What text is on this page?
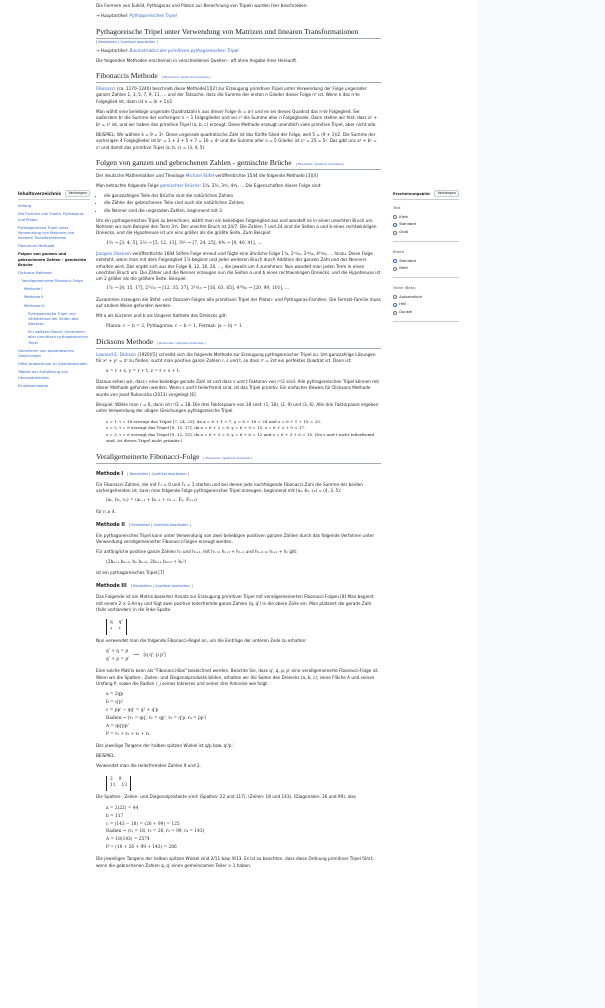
Inhaltsverzeichnis	Verbergen
Anfang
Die Formeln von Euklid, Pythagoras und Platon
Pythagoreische Tripel unter Verwendung von Matrizen und linearen Transformationen
Fibonaccis Methode
Folgen von ganzen und gebrochenen Zahlen - gemischte Brüche
Dicksons Methode
⌃Verallgemeinerte Fibonacci-Folge
Methode I
Methode II
Methode III
Pythagoreische Tripel und Verhältnisse der Seiten des Dreiecks
Ein weiterer Baum: Generieren aller primitiven pythagoreischen Tripel
Generieren von quadratischen Gleichungen
Höhe proportional zu Quadratwurzeln
Tabelle der Aufzählung von Heronsdreiecken
Einzelnachweise
Erscheinungsbild	Verbergen
Text
Klein
Standard
Groß
Breite
Standard
Breit
Farbe (Beta)
Automatisch
Hell
Dunkel

Die Formeln von Euklid, Pythagoras und Platon zur Berechnung von Tripeln wurden hier beschrieben:

→ Hauptartikel: Pythagoreisches Tripel

Pythagoreische Tripel unter Verwendung von Matrizen und linearen Transformationen
[ Bearbeiten | Quelltext bearbeiten ]

→ Hauptartikel: Baumstruktur der primitiven pythagoreischen Tripel

Die folgenden Methoden erscheinen in verschiedenen Quellen - oft ohne Angabe ihrer Herkunft.

Fibonaccis Methode [ Bearbeiten | Quelltext bearbeiten ]

Fibonacci (ca. 1170–1240) beschrieb diese Methode[1][2] zur Erzeugung primitiver Tripel unter Verwendung der Folge ungerader ganzer Zahlen 1, 3, 5, 7, 9, 11, … und der Tatsache, dass die Summe der ersten n Glieder dieser Folge n² ist. Wenn k das n-te Folgeglied ist, dann ist n = (k + 1)/2.

Man wählt eine beliebige ungerade Quadratzahl k aus dieser Folge (k = a²) und es sei dieses Quadrat das n-te Folgeglied. Sei außerdem b² die Summe der vorherigen n − 1 Folgeglieder und sei c² die Summe aller n Folgeglieder. Dann stellen wir fest, dass a² + b² = c² ist, und wir haben das primitive Tripel (a, b, c) erzeugt. Diese Methode erzeugt unendlich viele primitive Tripel, aber nicht alle.

BEISPIEL: Wir wählen k = 9 = 3². Diese ungerade quadratische Zahl ist das fünfte Glied der Folge, weil 5 = (9 + 1)/2. Die Summe der vorherigen 4 Folgeglieder ist b² = 1 + 3 + 5 + 7 = 16 = 4² und die Summe aller n = 5 Glieder ist c² = 25 = 5². Das gibt uns a² + b² = c² und damit das primitive Tripel (a, b, c) = (3, 4, 5).

Folgen von ganzen und gebrochenen Zahlen - gemischte Brüche [ Bearbeiten | Quelltext bearbeiten ]

Der deutsche Mathematiker und Theologe Michael Stifel veröffentlichte 1544 die folgende Methode.[3][4]

Man betrachte folgende Folge gemischter Brüche: 1⅓, 2⅖, 3³⁄₇, 4⁴⁄₉, … Die Eigenschaften dieser Folge sind:

• die ganzzahligen Teile der Brüche sind die natürlichen Zahlen
• die Zähler der gebrochenen Teile sind auch die natürlichen Zahlen;
• die Nenner sind die ungeraden Zahlen, beginnend mit 3.

Um ein pythagoreisches Tripel zu berechnen, wählt man ein beliebiges Folgenglied aus und wandelt es in einen unechten Bruch um. Nehmen wir zum Beispiel den Term 3³⁄₇. Der unechte Bruch ist 24/7. Die Zahlen 7 und 24 sind die Seiten a und b eines rechtwinkligen Dreiecks, und die Hypotenuse ist um eins größer als die größte Seite. Zum Beispiel:

1⅓ → [3, 4, 5], 2⅖ → [5, 12, 13], 3³⁄₇ → [7, 24, 25], 4⁴⁄₉ → [9, 40, 41], …

Jacques Ozanam veröffentlichte 1694 Stifels Folge erneut und fügte eine ähnliche Folge 1⅞, 2¹¹⁄₁₂, 3¹⁵⁄₁₆, 4¹⁹⁄₂₀, … hinzu. Diese Folge entsteht, wenn man mit dem Folgenglied 1⅞ beginnt und jeder weiteren Bruch durch Addition der ganzen Zahl und des Nenners erhalten wird. Das ergibt sich aus der Folge 8, 12, 16, 20, …, die jeweils um 4 zunehmen. Nun wandelt man jeden Term in einen unechten Bruch um. Die Zähler und die Nenner erzeugen nun die Seiten a und b eines rechtwinkligen Dreiecks, und die Hypotenuse ist um 2 größer als die größere Seite. Beispiel:

1⅞ → [8, 15, 17], 2¹¹⁄₁₂ → [12, 35, 37], 3¹⁵⁄₁₆ → [16, 63, 65], 4¹⁹⁄₂₀ → [20, 99, 101], …

Zusammen erzeugen die Stifel- und Ozanam-Folgen alle primitiven Tripel der Platon- und Pythagoras-Familien. Die Fermat-Familie muss auf andere Weise gefunden werden.

Mit a als kürzerer und b als längerer Kathete des Dreiecks gilt:

Platon: c − b = 2, Pythagoras: c − b = 1, Fermat: |a − b| = 1
Dicksons Methode [ Bearbeiten | Quelltext bearbeiten ]

Leonard E. Dickson (1920)[5] schreibt sich die folgende Methode zur Erzeugung pythagoreischer Tripel zu. Um ganzzahlige Lösungen für x² + y² = z² zu finden, sucht man positive ganze Zahlen r, s und t, so dass r² = 2st ein perfektes Quadrat ist. Dann ist:

x = r + s, y = r + t, z = r + s + t.

Daraus sehen wir, dass r eine beliebige gerade Zahl ist und dass s und t Faktoren von r²/2 sind. Alle pythagoreischen Tripel können mit dieser Methode gefunden werden. Wenn s und t teilerfremd sind, ist das Tripel primitiv. Ein einfacher Beweis für Dicksons Methode wurde von Josef Rukavicka (2013) vorgelegt.[6]

Beispiel: Wähle man r = 6, dann ist r²/2 = 18. Die drei Faktorpaare von 18 sind: (1, 18), (2, 9) und (3, 6). Alle drei Faktorpaare ergeben unter Verwendung der obigen Gleichungen pythagoreische Tripel.

s = 1, t = 18 erzeugt das Tripel [7, 24, 25], da x = 6 + 1 = 7, y = 6 + 18 = 24 und z = 6 + 1 + 18 = 25.
s = 2, t = 9 erzeugt das Tripel [8, 15, 17], da x = 6 + 2 = 8, y = 6 + 9 = 15, z = 6 + 2 + 9 = 17.
s = 3, t = 6 erzeugt das Tripel [9, 12, 15], da x = 6 + 3 = 9, y = 6 + 6 = 12 und z = 6 + 3 + 6 = 15. (Da s und t nicht teilerfremd sind, ist dieses Tripel nicht primitiv.)
Verallgemeinerte Fibonacci-Folge [ Bearbeiten | Quelltext bearbeiten ]
Methode I [ Bearbeiten | Quelltext bearbeiten ]

Für Fibonacci-Zahlen, die mit F₁ = 0 und F₂ = 1 starten und bei denen jede nachfolgende Fibonacci-Zahl die Summe der beiden vorhergehenden ist, kann man folgende Folge pythagoreischer Tripel erzeugen, beginnend mit (a₃, b₃, c₃) = (4, 3, 5):

(aₙ, bₙ, cₙ) = (aₙ₋₁ + bₙ₋₁ + cₙ₋₁, Fₙ, Fₙ₊₁)

für n ≥ 4.

Methode II [ Bearbeiten | Quelltext bearbeiten ]

Ein pythagoreisches Tripel kann unter Verwendung von zwei beliebigen positiven ganzen Zahlen durch das folgende Verfahren unter Verwendung verallgemeinerter Fibonacci-Folgen erzeugt werden.

Für anfängliche positive ganze Zahlen hₙ und hₙ₊₁, mit hₙ = hₙ₊₁ + hₙ₋₁ und hₙ₊₂ = hₙ₊₁ + hₙ gilt:

(2hₙ₊₁ hₙ₊₂, hₙ hₙ₊₃, 2hₙ₊₁ hₙ₊₂ + hₙ²)

ist ein pythagoreisches Tripel.[7]

Methode III [ Bearbeiten | Quelltext bearbeiten ]

Das Folgende ist ein Matrix-basierter Ansatz zur Erzeugung primitiver Tripel mit verallgemeinerten Fibonacci-Folgen.[8] Man beginnt mit einem 2 × 2-Array und fügt zwei positive teilerfremde ganze Zahlen (q, q') in die obere Zeile ein. Man platziert die gerade Zahl (falls vorhanden) in die linke Spalte.

q q'
• •

Nun verwendet man die folgende Fibonacci-Regel an, um die Einträge der unteren Zeile zu erhalten:

q' + q = p
q' + p = p'
⟹ [q q'; p p']

Eine solche Matrix kann als "Fibonacci-Box" bezeichnet werden. Beachte Sie, dass q', q, p, p' eine verallgemeinerte Fibonacci-Folge ist. Wenn wir die Spalten-, Zeilen- und Diagonalprodukte bilden, erhalten wir die Seiten des Dreiecks (a, b, c), seine Fläche A und seinen Umfang P, sowie die Radien r_i seines Inkreises und seiner drei Ankreise wie folgt:

a = 2qp
b = q'p'
c = pp' − qq' = q² + q'p
Radien → (r₁ = qq', r₂ = qp', r₃ = q'p, r₄ = pp')
A = qq'pp'
P = r₁ + r₂ + r₃ + r₄

Der jeweilige Tangens der halben spitzen Winkel ist q/p bzw. q'/p'.

BEISPIEL:

Verwendet man die teilerfremden Zahlen 9 und 2.

2 9
11 13

Die Spalten-, Zeilen- und Diagonalprodukte sind: (Spalten: 22 und 117), (Zeilen: 18 und 143), (Diagonalen: 26 und 99), also

a = 2(22) = 44
b = 117
c = (143 − 18) = (26 + 99) = 125
Radien → (r₁ = 18, r₂ = 26, r₃ = 99, r₄ = 143)
A = 18(143) = 2574
P = (18 + 26 + 99 + 143) = 286

Die jeweiligen Tangens der halben spitzen Winkel sind 2/11 bzw. 9/13. Es ist zu beachten, dass diese Ordnung primitiver Tripel führt, wenn die gebrochenen Zahlen q, q' einen gemeinsamen Teiler > 1 haben.
